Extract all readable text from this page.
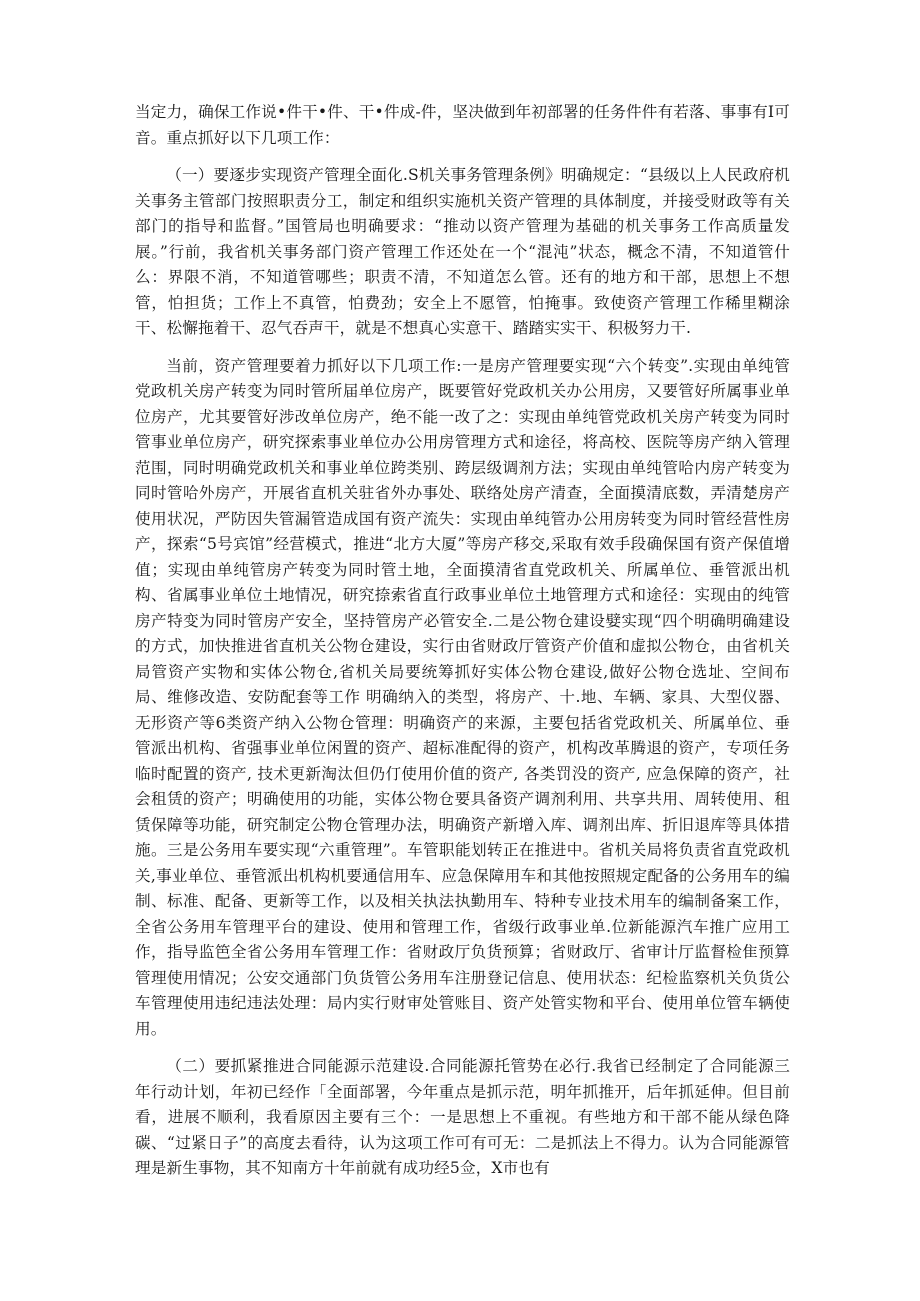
当定力，确保工作说•件干•件、干•件成-件，坚决做到年初部署的任务件件有若落、事事有I可音。重点抓好以下几项工作：

（一）要逐步实现资产管理全面化.S机关事务管理条例》明确规定：“县级以上人民政府机关事务主管部门按照职责分工，制定和组织实施机关资产管理的具体制度，并接受财政等有关部门的指导和监督。”国管局也明确要求：“推动以资产管理为基础的机关事务工作高质量发展。”行前，我省机关事务部门资产管理工作还处在一个“混沌”状态，概念不清，不知道管什么：界限不消，不知道管哪些；职责不清，不知道怎么管。还有的地方和干部，思想上不想管，怕担货；工作上不真管，怕费劲；安全上不愿管，怕掩事。致使资产管理工作稀里糊涂干、松懈拖着干、忍气吞声干，就是不想真心实意干、踏踏实实干、积极努力干.

当前，资产管理要着力抓好以下几项工作:一是房产管理要实现“六个转变”.实现由单纯管党政机关房产转变为同时管所届单位房产，既要管好党政机关办公用房，又要管好所属事业单位房产，尤其要管好涉改单位房产，绝不能一改了之：实现由单纯管党政机关房产转变为同时管事业单位房产，研究探索事业单位办公用房管理方式和途径，将高校、医院等房产纳入管理范围，同时明确党政机关和事业单位跨类别、跨层级调剂方法；实现由单纯管哈内房产转变为同时管哈外房产，开展省直机关驻省外办事处、联络处房产清查，全面摸清底数，弄清楚房产使用状况，严防因失管漏管造成国有资产流失：实现由单纯管办公用房转变为同时管经营性房产，探索“5号宾馆”经营模式，推进“北方大厦”等房产移交,采取有效手段确保国有资产保值增值；实现由单纯管房产转变为同时管土地，全面摸清省直党政机关、所属单位、垂管派出机构、省属事业单位土地情况，研究捺索省直行政事业单位土地管理方式和途径：实现由的纯管房产特变为同时管房产安全，坚持管房产必管安全.二是公物仓建设嬖实现“四个明确明确建设的方式，加快推进省直机关公物仓建设，实行由省财政厅管资产价值和虚拟公物仓，由省机关局管资产实物和实体公物仓,省机关局要统筹抓好实体公物仓建设,做好公物仓选址、空间布局、维修改造、安防配套等工作 明确纳入的类型，将房产、十.地、车辆、家具、大型仪器、无形资产等6类资产纳入公物仓管理：明确资产的来源，主要包括省党政机关、所属单位、垂管派出机构、省强事业单位闲置的资产、超标准配得的资产，机构改革腾退的资产，专项任务临时配置的资产, 技术更新淘汰但仍仃使用价值的资产, 各类罚没的资产, 应急保障的资产，社会租赁的资产；明确使用的功能，实体公物仓要具备资产调剂利用、共享共用、周转使用、租赁保障等功能，研究制定公物仓管理办法，明确资产新增入库、调剂出库、折旧退库等具体措施。三是公务用车要实现“六重管理”。车管职能划转正在推进中。省机关局将负责省直党政机关,事业单位、垂管派出机构机要通信用车、应急保障用车和其他按照规定配备的公务用车的编制、标准、配备、更新等工作，以及相关执法执勤用车、特种专业技术用车的编制备案工作，全省公务用车管理平台的建设、使用和管理工作，省级行政事业单.位新能源汽车推广应用工作，指导监笆全省公务用车管理工作：省财政厅负货预算；省财政厅、省审计厅监督检隹预算管理使用情况；公安交通部门负货管公务用车注册登记信息、使用状态：纪检监察机关负货公车管理使用违纪违法处理：局内实行财审处管账目、资产处管实物和平台、使用单位管车辆使用。

（二）要抓紧推进合同能源示范建设.合同能源托管势在必行.我省已经制定了合同能源三年行动计划，年初已经作「全面部署，今年重点是抓示范，明年抓推开，后年抓延伸。但目前看，进展不顺利，我看原因主要有三个：一是思想上不重视。有些地方和干部不能从绿色降碳、“过紧日子”的高度去看待，认为这项工作可有可无：二是抓法上不得力。认为合同能源管理是新生事物，其不知南方十年前就有成功经5佥，X市也有
